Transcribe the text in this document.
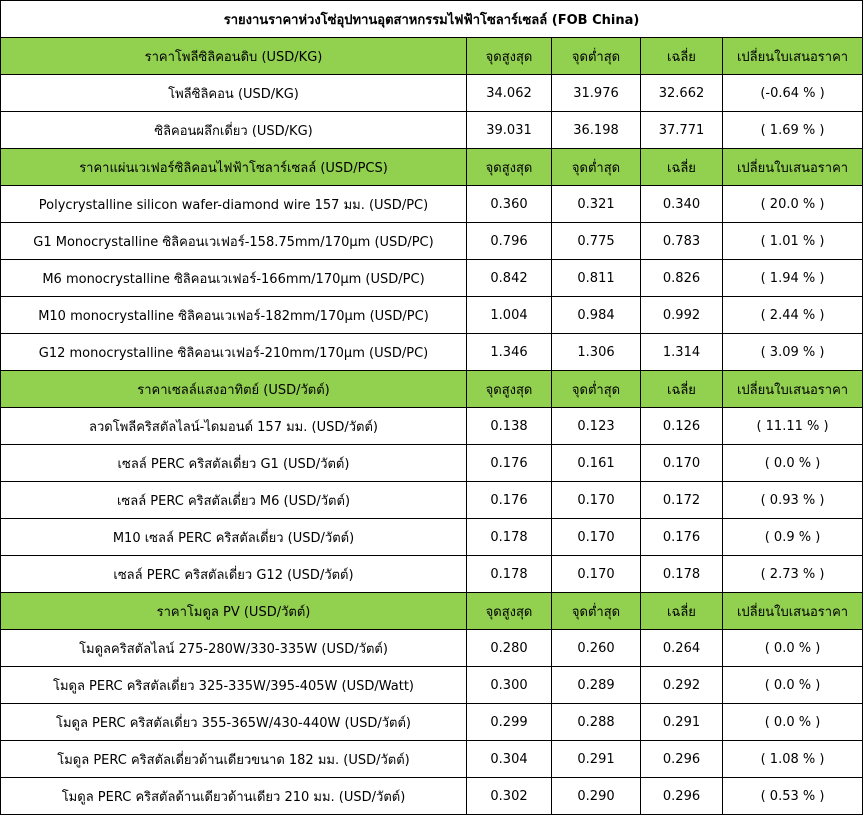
รายงานราคาห่วงโซ่อุปทานอุตสาหกรรมไฟฟ้าโซลาร์เซลล์ (FOB China)				
ราคาโพลีซิลิคอนดิบ (USD/KG)	จุดสูงสุด	จุดต่ำสุด	เฉลี่ย	เปลี่ยนใบเสนอราคา
โพลีซิลิคอน (USD/KG)	34.062	31.976	32.662	(-0.64 % )
ซิลิคอนผลึกเดี่ยว (USD/KG)	39.031	36.198	37.771	( 1.69 % )
ราคาแผ่นเวเฟอร์ซิลิคอนไฟฟ้าโซลาร์เซลล์ (USD/PCS)	จุดสูงสุด	จุดต่ำสุด	เฉลี่ย	เปลี่ยนใบเสนอราคา
Polycrystalline silicon wafer-diamond wire 157 มม. (USD/PC)	0.360	0.321	0.340	( 20.0 % )
G1 Monocrystalline ซิลิคอนเวเฟอร์-158.75mm/170μm (USD/PC)	0.796	0.775	0.783	( 1.01 % )
M6 monocrystalline ซิลิคอนเวเฟอร์-166mm/170μm (USD/PC)	0.842	0.811	0.826	( 1.94 % )
M10 monocrystalline ซิลิคอนเวเฟอร์-182mm/170μm (USD/PC)	1.004	0.984	0.992	( 2.44 % )
G12 monocrystalline ซิลิคอนเวเฟอร์-210mm/170μm (USD/PC)	1.346	1.306	1.314	( 3.09 % )
ราคาเซลล์แสงอาทิตย์ (USD/วัตต์)	จุดสูงสุด	จุดต่ำสุด	เฉลี่ย	เปลี่ยนใบเสนอราคา
ลวดโพลีคริสตัลไลน์-ไดมอนด์ 157 มม. (USD/วัตต์)	0.138	0.123	0.126	( 11.11 % )
เซลล์ PERC คริสตัลเดี่ยว G1 (USD/วัตต์)	0.176	0.161	0.170	( 0.0 % )
เซลล์ PERC คริสตัลเดี่ยว M6 (USD/วัตต์)	0.176	0.170	0.172	( 0.93 % )
M10 เซลล์ PERC คริสตัลเดี่ยว (USD/วัตต์)	0.178	0.170	0.176	( 0.9 % )
เซลล์ PERC คริสตัลเดี่ยว G12 (USD/วัตต์)	0.178	0.170	0.178	( 2.73 % )
ราคาโมดูล PV (USD/วัตต์)	จุดสูงสุด	จุดต่ำสุด	เฉลี่ย	เปลี่ยนใบเสนอราคา
โมดูลคริสตัลไลน์ 275-280W/330-335W (USD/วัตต์)	0.280	0.260	0.264	( 0.0 % )
โมดูล PERC คริสตัลเดี่ยว 325-335W/395-405W (USD/Watt)	0.300	0.289	0.292	( 0.0 % )
โมดูล PERC คริสตัลเดี่ยว 355-365W/430-440W (USD/วัตต์)	0.299	0.288	0.291	( 0.0 % )
โมดูล PERC คริสตัลเดี่ยวด้านเดียวขนาด 182 มม. (USD/วัตต์)	0.304	0.291	0.296	( 1.08 % )
โมดูล PERC คริสตัลด้านเดียวด้านเดียว 210 มม. (USD/วัตต์)	0.302	0.290	0.296	( 0.53 % )
